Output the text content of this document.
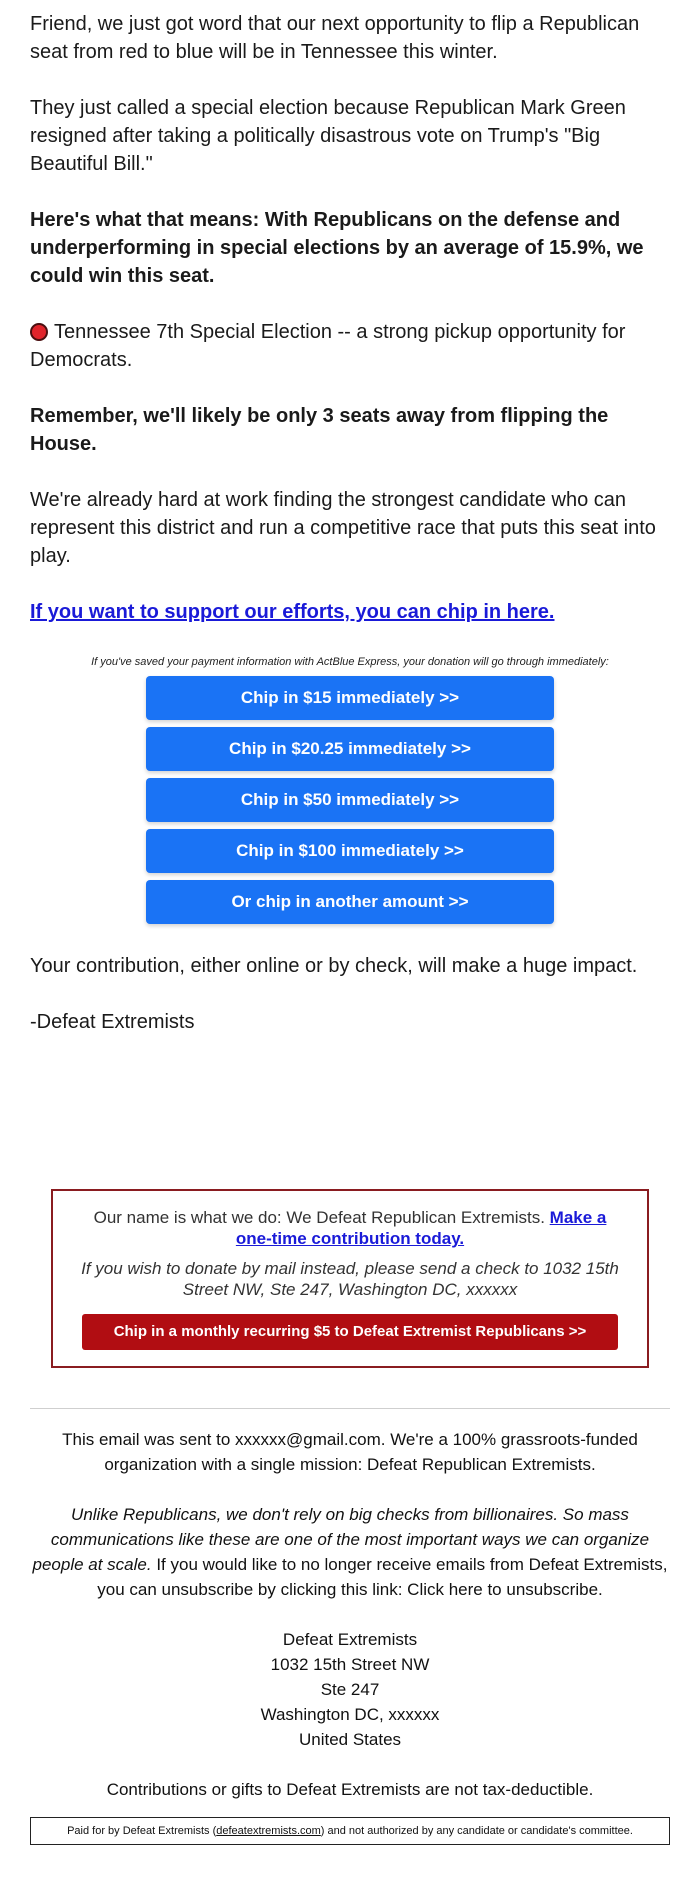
Friend, we just got word that our next opportunity to flip a Republican seat from red to blue will be in Tennessee this winter.

They just called a special election because Republican Mark Green resigned after taking a politically disastrous vote on Trump's "Big Beautiful Bill."

Here's what that means: With Republicans on the defense and underperforming in special elections by an average of 15.9%, we could win this seat.

Tennessee 7th Special Election -- a strong pickup opportunity for Democrats.

Remember, we'll likely be only 3 seats away from flipping the House.

We're already hard at work finding the strongest candidate who can represent this district and run a competitive race that puts this seat into play.

If you want to support our efforts, you can chip in here.
If you've saved your payment information with ActBlue Express, your donation will go through immediately:
Chip in $15 immediately >>
Chip in $20.25 immediately >>
Chip in $50 immediately >>
Chip in $100 immediately >>
Or chip in another amount >>

Your contribution, either online or by check, will make a huge impact.

-Defeat Extremists

Our name is what we do: We Defeat Republican Extremists. Make a one-time contribution today.
If you wish to donate by mail instead, please send a check to 1032 15th Street NW, Ste 247, Washington DC, xxxxxx
Chip in a monthly recurring $5 to Defeat Extremist Republicans >>

This email was sent to xxxxxx@gmail.com. We're a 100% grassroots-funded organization with a single mission: Defeat Republican Extremists.

Unlike Republicans, we don't rely on big checks from billionaires. So mass communications like these are one of the most important ways we can organize people at scale. If you would like to no longer receive emails from Defeat Extremists, you can unsubscribe by clicking this link: Click here to unsubscribe.

Defeat Extremists
1032 15th Street NW
Ste 247
Washington DC, xxxxxx
United States

Contributions or gifts to Defeat Extremists are not tax-deductible.

Paid for by Defeat Extremists (defeatextremists.com) and not authorized by any candidate or candidate's committee.
